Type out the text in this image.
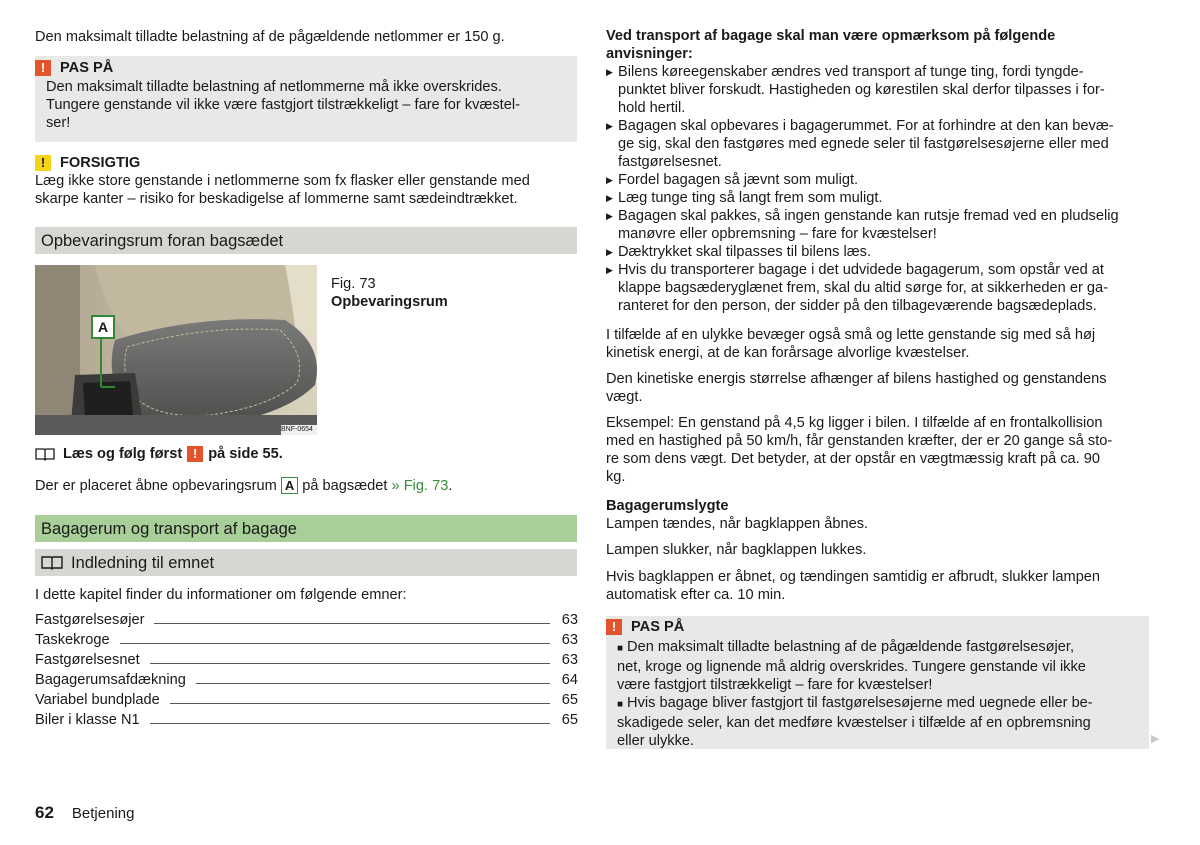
Den maksimalt tilladte belastning af de pågældende netlommer er 150 g.

!	PAS PÅ
Den maksimalt tilladte belastning af netlommerne må ikke overskrides.
Tungere genstande vil ikke være fastgjort tilstrækkeligt – fare for kvæstel-
ser!
!	FORSIGTIG
Læg ikke store genstande i netlommerne som fx flasker eller genstande med
skarpe kanter – risiko for beskadigelse af lommerne samt sædeindtrækket.
Opbevaringsrum foran bagsædet
A
BNF-0654
Fig. 73
Opbevaringsrum
Læs og følg først ! på side 55.
Der er placeret åbne opbevaringsrum A på bagsædet » Fig. 73.
Bagagerum og transport af bagage
Indledning til emnet

I dette kapitel finder du informationer om følgende emner:

Fastgørelsesøjer	63
Taskekroge	63
Fastgørelsesnet	63
Bagagerumsafdækning	64
Variabel bundplade	65
Biler i klasse N1	65
Ved transport af bagage skal man være opmærksom på følgende
anvisninger:
▶ Bilens køreegenskaber ændres ved transport af tunge ting, fordi tyngde-
punktet bliver forskudt. Hastigheden og kørestilen skal derfor tilpasses i for-
hold hertil.
▶ Bagagen skal opbevares i bagagerummet. For at forhindre at den kan bevæ-
ge sig, skal den fastgøres med egnede seler til fastgørelsesøjerne eller med
fastgørelsesnet.
▶ Fordel bagagen så jævnt som muligt.
▶ Læg tunge ting så langt frem som muligt.
▶ Bagagen skal pakkes, så ingen genstande kan rutsje fremad ved en pludselig
manøvre eller opbremsning – fare for kvæstelser!
▶ Dæktrykket skal tilpasses til bilens læs.
▶ Hvis du transporterer bagage i det udvidede bagagerum, som opstår ved at
klappe bagsæderyglænet frem, skal du altid sørge for, at sikkerheden er ga-
ranteret for den person, der sidder på den tilbageværende bagsædeplads.
I tilfælde af en ulykke bevæger også små og lette genstande sig med så høj
kinetisk energi, at de kan forårsage alvorlige kvæstelser.
Den kinetiske energis størrelse afhænger af bilens hastighed og genstandens
vægt.
Eksempel: En genstand på 4,5 kg ligger i bilen. I tilfælde af en frontalkollision
med en hastighed på 50 km/h, får genstanden kræfter, der er 20 gange så sto-
re som dens vægt. Det betyder, at der opstår en vægtmæssig kraft på ca. 90
kg.
Bagagerumslygte
Lampen tændes, når bagklappen åbnes.
Lampen slukker, når bagklappen lukkes.
Hvis bagklappen er åbnet, og tændingen samtidig er afbrudt, slukker lampen
automatisk efter ca. 10 min.
!	PAS PÅ
■ Den maksimalt tilladte belastning af de pågældende fastgørelsesøjer,
net, kroge og lignende må aldrig overskrides. Tungere genstande vil ikke
være fastgjort tilstrækkeligt – fare for kvæstelser!
■ Hvis bagage bliver fastgjort til fastgørelsesøjerne med uegnede eller be-
skadigede seler, kan det medføre kvæstelser i tilfælde af en opbremsning
eller ulykke.	▶
62 Betjening
